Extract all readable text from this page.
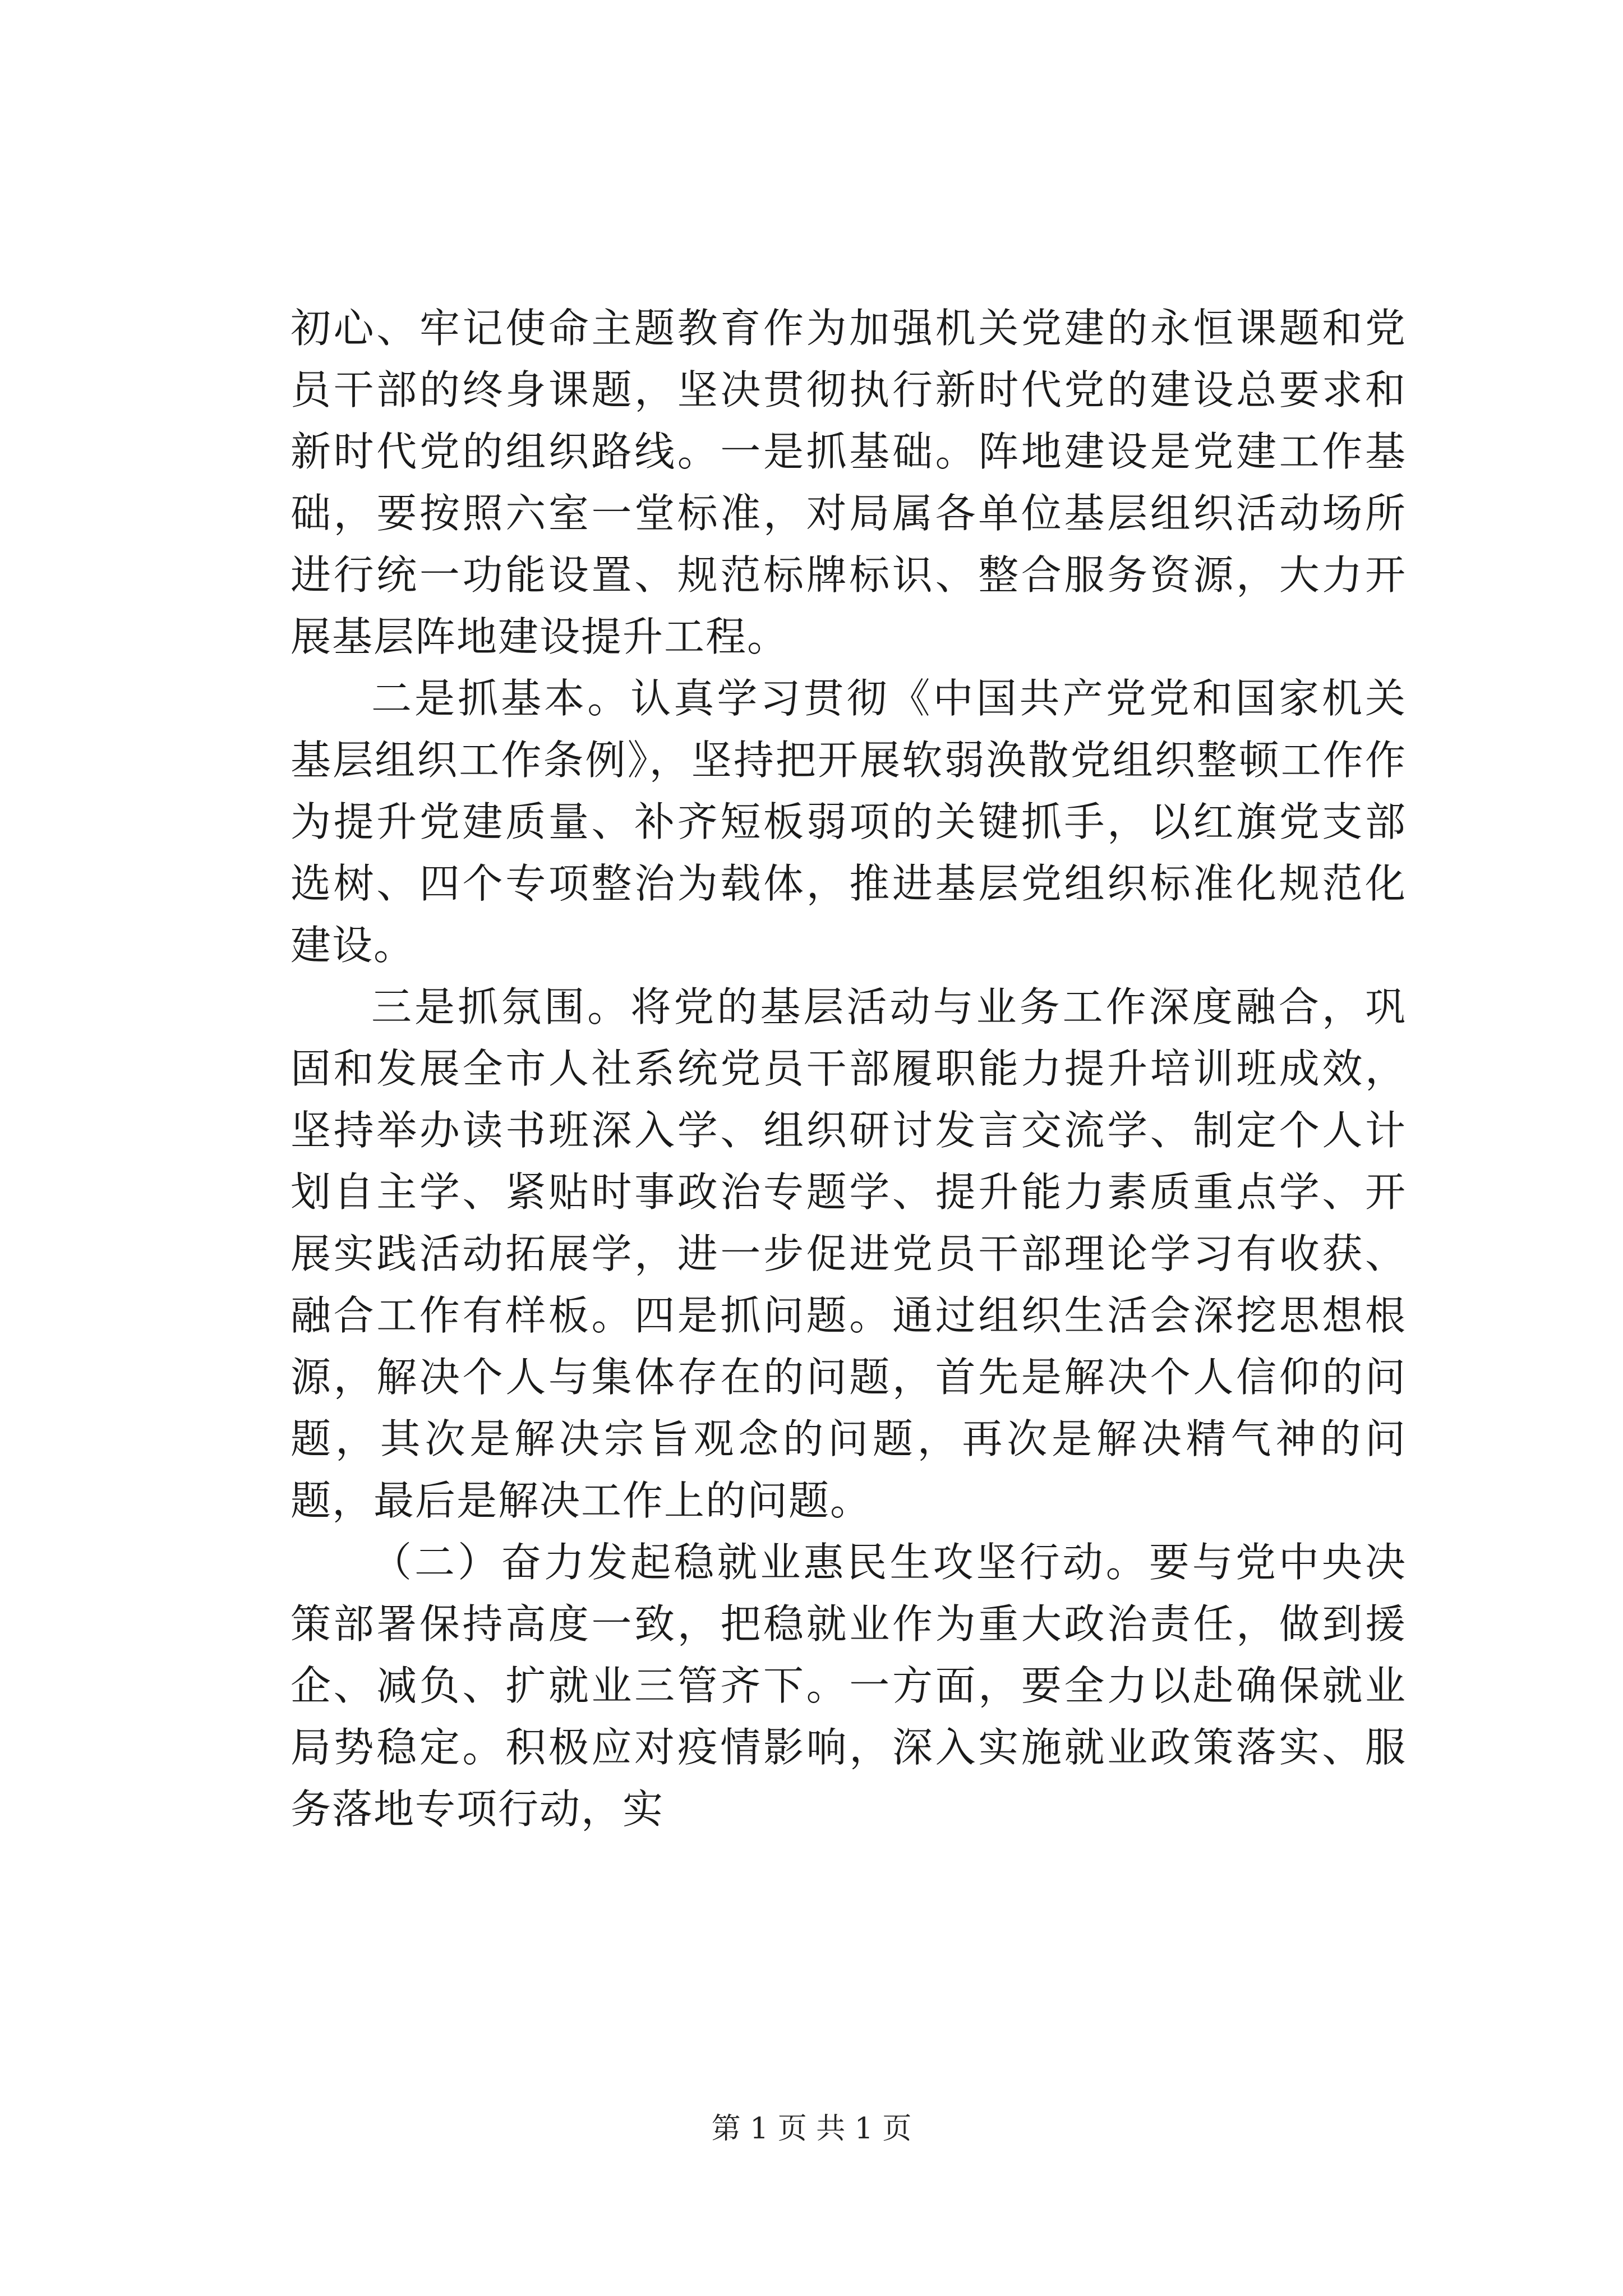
初心、牢记使命主题教育作为加强机关党建的永恒课题和党员干部的终身课题，坚决贯彻执行新时代党的建设总要求和新时代党的组织路线。一是抓基础。阵地建设是党建工作基础，要按照六室一堂标准，对局属各单位基层组织活动场所进行统一功能设置、规范标牌标识、整合服务资源，大力开展基层阵地建设提升工程。

二是抓基本。认真学习贯彻《中国共产党党和国家机关基层组织工作条例》，坚持把开展软弱涣散党组织整顿工作作为提升党建质量、补齐短板弱项的关键抓手，以红旗党支部选树、四个专项整治为载体，推进基层党组织标准化规范化建设。

三是抓氛围。将党的基层活动与业务工作深度融合，巩固和发展全市人社系统党员干部履职能力提升培训班成效，坚持举办读书班深入学、组织研讨发言交流学、制定个人计划自主学、紧贴时事政治专题学、提升能力素质重点学、开展实践活动拓展学，进一步促进党员干部理论学习有收获、融合工作有样板。四是抓问题。通过组织生活会深挖思想根源，解决个人与集体存在的问题，首先是解决个人信仰的问题，其次是解决宗旨观念的问题，再次是解决精气神的问题，最后是解决工作上的问题。

（二）奋力发起稳就业惠民生攻坚行动。要与党中央决策部署保持高度一致，把稳就业作为重大政治责任，做到援企、减负、扩就业三管齐下。一方面，要全力以赴确保就业局势稳定。积极应对疫情影响，深入实施就业政策落实、服务落地专项行动，实

第 1 页 共 1 页
